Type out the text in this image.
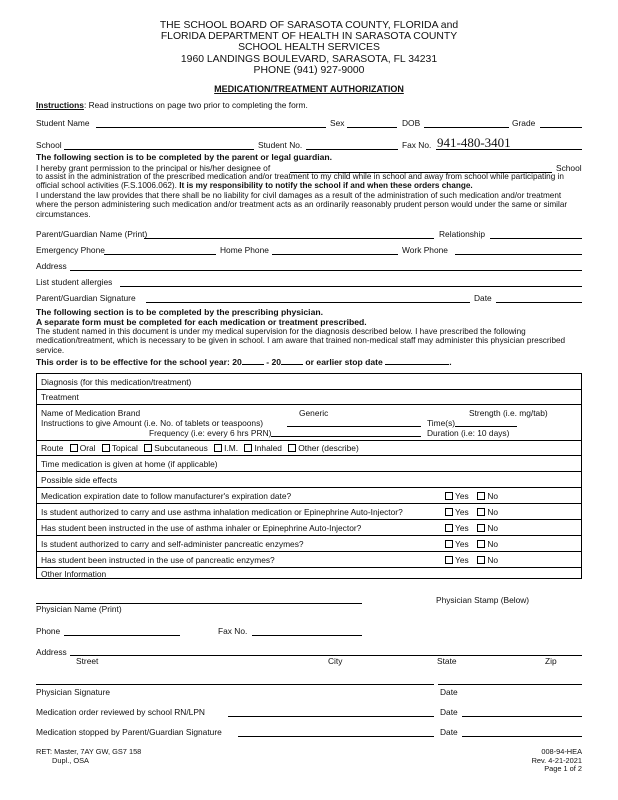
THE SCHOOL BOARD OF SARASOTA COUNTY, FLORIDA and
FLORIDA DEPARTMENT OF HEALTH IN SARASOTA COUNTY
SCHOOL HEALTH SERVICES
1960 LANDINGS BOULEVARD, SARASOTA, FL 34231
PHONE (941) 927-9000
MEDICATION/TREATMENT AUTHORIZATION
Instructions: Read instructions on page two prior to completing the form.
Student Name	Sex	DOB	Grade
School	Student No.	Fax No. 941-480-3401
The following section is to be completed by the parent or legal guardian.
I hereby grant permission to the principal or his/her designee of	School
to assist in the administration of the prescribed medication and/or treatment to my child while in school and away from school while participating in official school activities (F.S.1006.062). It is my responsibility to notify the school if and when these orders change.
I understand the law provides that there shall be no liability for civil damages as a result of the administration of such medication and/or treatment where the person administering such medication and/or treatment acts as an ordinarily reasonably prudent person would under the same or similar circumstances.
Parent/Guardian Name (Print)	Relationship
Emergency Phone	Home Phone	Work Phone
Address
List student allergies
Parent/Guardian Signature	Date
The following section is to be completed by the prescribing physician.
A separate form must be completed for each medication or treatment prescribed.
The student named in this document is under my medical supervision for the diagnosis described below. I have prescribed the following medication/treatment, which is necessary to be given in school. I am aware that trained non-medical staff may administer this physician prescribed service.
This order is to be effective for the school year: 20	- 20	or earlier stop date	.
Diagnosis (for this medication/treatment)
Treatment
Name of Medication Brand	Generic	Strength (i.e. mg/tab)
Instructions to give Amount (i.e. No. of tablets or teaspoons)	Time(s)
Frequency (i.e: every 6 hrs PRN)	Duration (i.e: 10 days)
Route Oral Topical Subcutaneous I.M. Inhaled Other (describe)
Time medication is given at home (if applicable)
Possible side effects
Medication expiration date to follow manufacturer's expiration date?	Yes No
Is student authorized to carry and use asthma inhalation medication or Epinephrine Auto-Injector?	Yes No
Has student been instructed in the use of asthma inhaler or Epinephrine Auto-Injector?	Yes No
Is student authorized to carry and self-administer pancreatic enzymes?	Yes No
Has student been instructed in the use of pancreatic enzymes?	Yes No
Other Information
Physician Name (Print)
Physician Stamp (Below)
Phone	Fax No.
Address
Street	City	State	Zip
Physician Signature	Date
Medication order reviewed by school RN/LPN	Date
Medication stopped by Parent/Guardian Signature	Date
RET: Master, 7AY GW, GS7 158
Dupl., OSA
008-94-HEA
Rev. 4-21-2021
Page 1 of 2
